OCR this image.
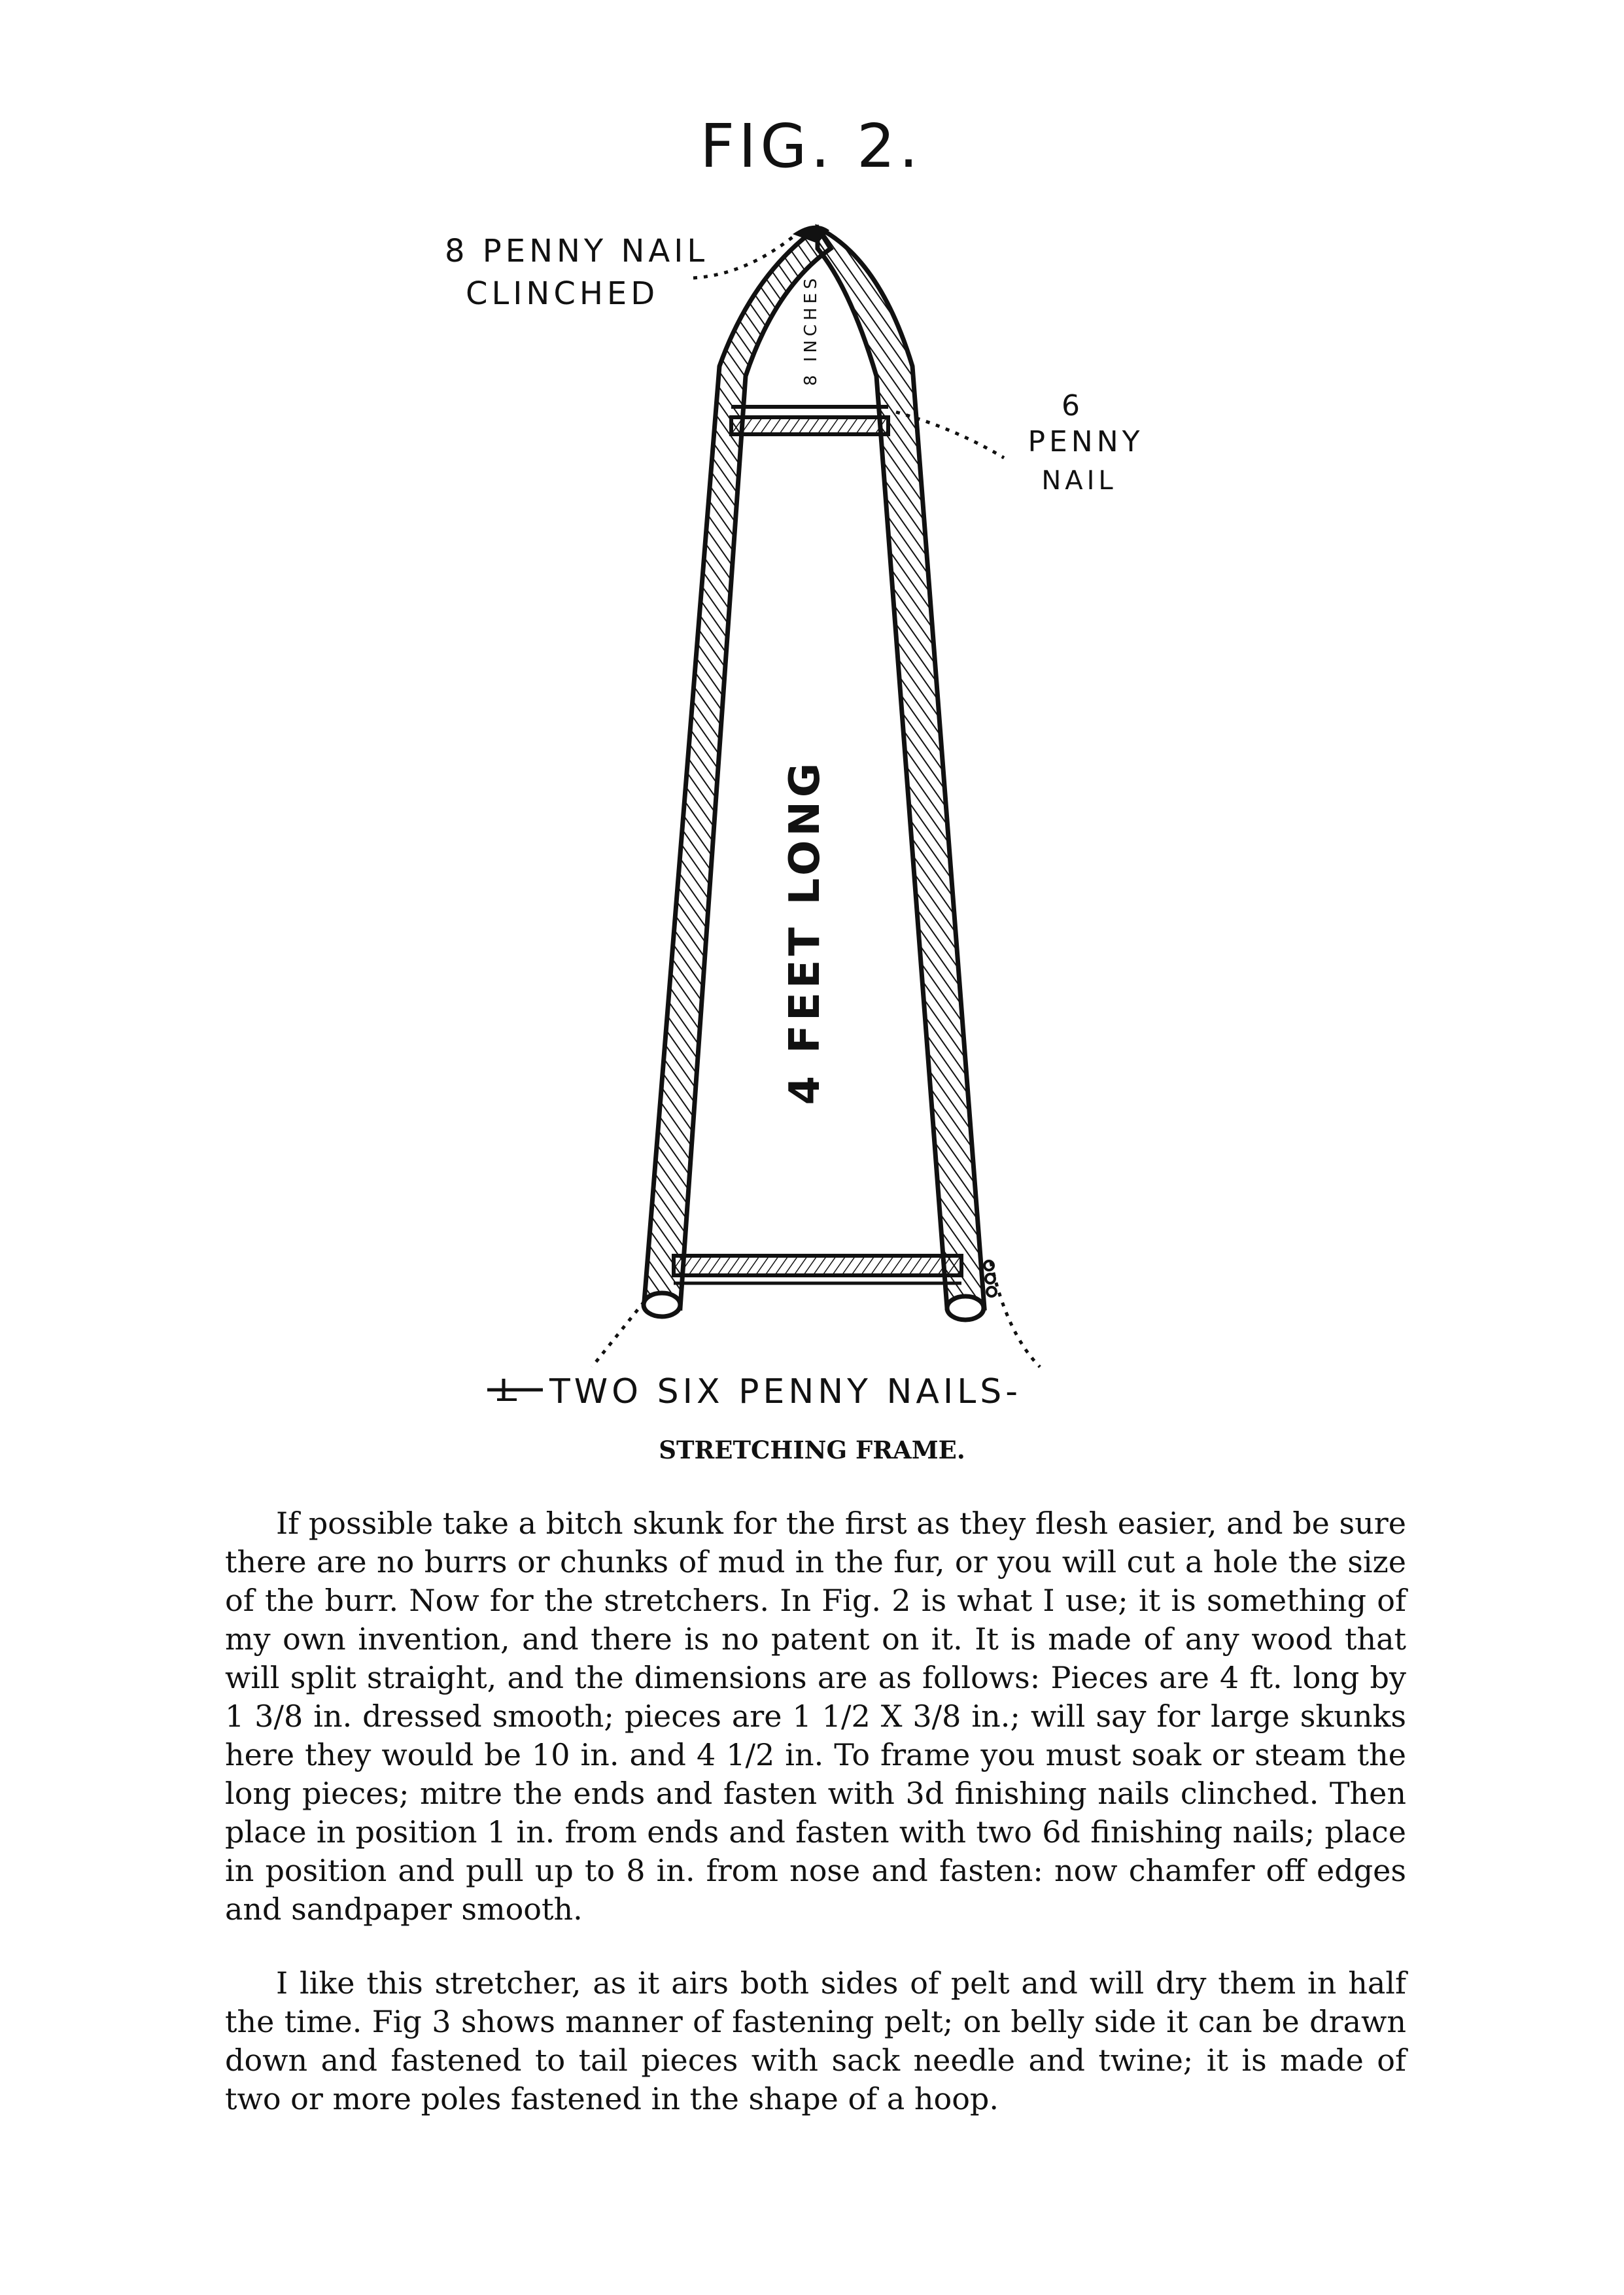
FIG. 2.
8 PENNY NAIL
CLINCHED	8 INCHES
6
PENNY
NAIL
4 FEET LONG
TWO SIX PENNY NAILS-
STRETCHING FRAME.

If possible take a bitch skunk for the first as they flesh easier, and be sure there are no burrs or chunks of mud in the fur, or you will cut a hole the size of the burr. Now for the stretchers. In Fig. 2 is what I use; it is something of my own invention, and there is no patent on it. It is made of any wood that will split straight, and the dimensions are as follows: Pieces are 4 ft. long by 1 3/8 in. dressed smooth; pieces are 1 1/2 X 3/8 in.; will say for large skunks here they would be 10 in. and 4 1/2 in. To frame you must soak or steam the long pieces; mitre the ends and fasten with 3d finishing nails clinched. Then place in position 1 in. from ends and fasten with two 6d finishing nails; place in position and pull up to 8 in. from nose and fasten: now chamfer off edges and sandpaper smooth.

I like this stretcher, as it airs both sides of pelt and will dry them in half the time. Fig 3 shows manner of fastening pelt; on belly side it can be drawn down and fastened to tail pieces with sack needle and twine; it is made of two or more poles fastened in the shape of a hoop.
